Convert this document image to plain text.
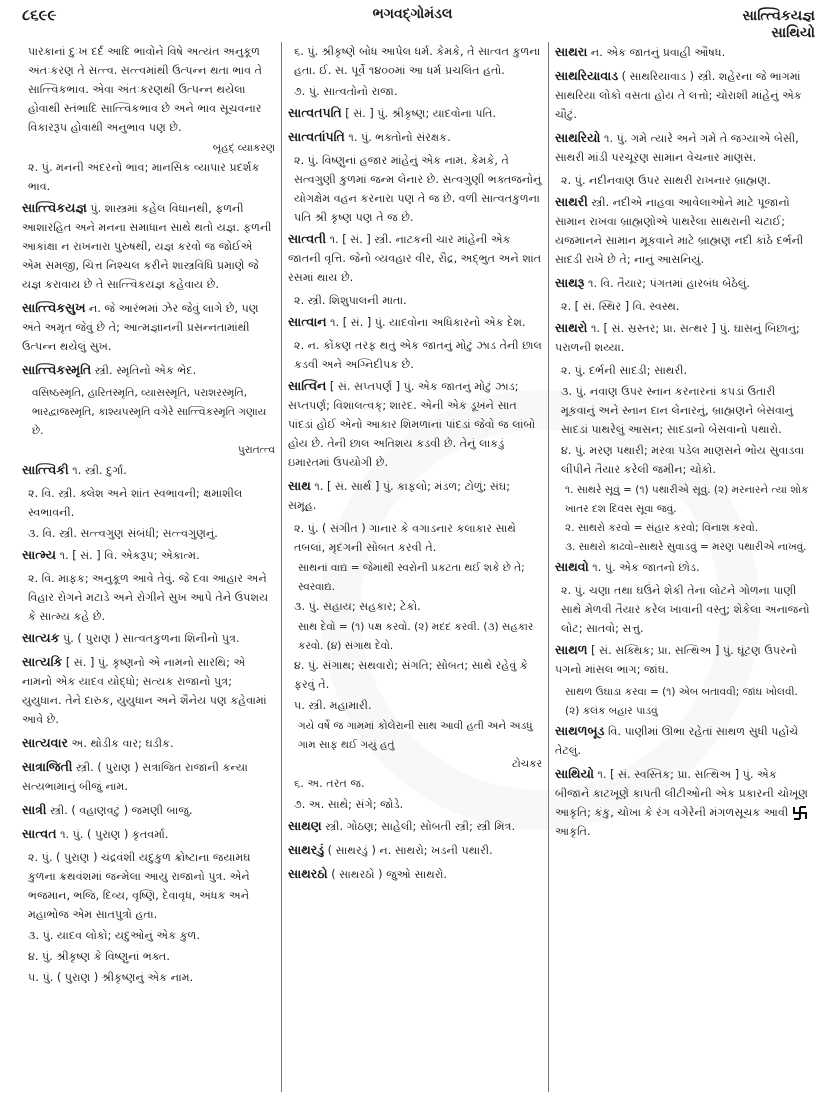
૮૬૯૯	ભગવદ્ગોમંડલ	સાત્ત્વિકયજ્ઞ
સાથિયો
પારકાનાં દુઃખ દર્દ આદિ ભાવોને વિષે અત્યંત અનુકૂળ અંતઃકરણ તે સત્ત્વ. સત્ત્વમાંથી ઉત્પન્ન થતા ભાવ તે સાત્ત્વિકભાવ. એવા અંતઃકરણથી ઉત્પન્ન થયેલા હોવાથી સ્તંભાદિ સાત્ત્વિકભાવ છે અને ભાવ સૂચવનાર વિકારરૂપ હોવાથી અનુભાવ પણ છે.
બૃહદ્ વ્યાકરણ
૨. પું. મનની અંદરનો ભાવ; માનસિક વ્યાપાર પ્રદર્શક ભાવ.
સાત્ત્વિકયજ્ઞ પું. શાસ્ત્રમાં કહેલ વિધાનથી, ફળની આશારહિત અને મનના સમાધાન સાથે થતો યજ્ઞ. ફળની આકાંક્ષા ન રાખનારા પુરુષથી, યજ્ઞ કરવો જ જોઈએ એમ સમજી, ચિત્ત નિશ્ચલ કરીને શાસ્ત્રવિધિ પ્રમાણે જે યજ્ઞ કરાવાય છે તે સાત્ત્વિકયજ્ઞ કહેવાય છે.
સાત્ત્વિકસુખ ન. જે આરંભમાં ઝેર જેવું લાગે છે, પણ અંતે અમૃત જેવું છે તે; આત્મજ્ઞાનની પ્રસન્નતામાંથી ઉત્પન્ન થયેલું સુખ.
સાત્ત્વિકસ્મૃતિ સ્ત્રી. સ્મૃતિનો એક ભેદ.
વસિષ્ઠસ્મૃતિ, હારિતસ્મૃતિ, વ્યાસસ્મૃતિ, પરાશરસ્મૃતિ, ભારદ્વાજસ્મૃતિ, કાશ્યપસ્મૃતિ વગેરે સાત્ત્વિકસ્મૃતિ ગણાય છે.
પુરાતત્ત્વ
સાત્ત્વિકી ૧. સ્ત્રી. દુર્ગા.
૨. વિ. સ્ત્રી. ક્લેશ અને શાંત સ્વભાવની; ક્ષમાશીલ સ્વભાવની.
૩. વિ. સ્ત્રી. સત્ત્વગુણ સંબંધી; સત્ત્વગુણનું.
સાત્મ્ય ૧. [ સં. ] વિ. એકરૂપ; એકાત્મ.
૨. વિ. માફક; અનુકૂળ આવે તેવું. જે દવા આહાર અને વિહાર રોગને મટાડે અને રોગીને સુખ આપે તેને ઉપશય કે સાત્મ્ય કહે છે.
સાત્યક પું. ( પુરાણ ) સાત્વતકુળના શિનીનો પુત્ર.
સાત્યકિ [ સં. ] પું. કૃષ્ણનો એ નામનો સારથિ; એ નામનો એક યાદવ યોદ્ધો; સત્યક રાજાનો પુત્ર; યુયુધાન. તેને દારુક, યુયુધાન અને શૈનેય પણ કહેવામાં આવે છે.
સાત્યવાર અ. થોડીક વાર; ઘડીક.
સાત્રાજિતી સ્ત્રી. ( પુરાણ ) સત્રાજિત રાજાની કન્યા સત્યભામાનું બીજું નામ.
સાત્રી સ્ત્રી. ( વહાણવટું ) જમણી બાજુ.
સાત્વત ૧. પું. ( પુરાણ ) કૃતવર્મા.
૨. પું. ( પુરાણ ) ચંદ્રવંશી યદુકુળ ક્રોષ્ટાના જયામઘ કુળના ક્રથવંશમાં જન્મેલા આયુ રાજાનો પુત્ર. એને ભજમાન, ભજિ, દિવ્ય, વૃષ્ણિ, દેવાવૃધ, અંધક અને મહાભોજ એમ સાતપુત્રો હતા.
૩. પું. યાદવ લોકો; યદુઓનું એક કુળ.
૪. પું. શ્રીકૃષ્ણ કે વિષ્ણુનાં ભક્ત.
૫. પું. ( પુરાણ ) શ્રીકૃષ્ણનું એક નામ.
૬. પું. શ્રીકૃષ્ણે બોધ આપેલ ધર્મ. કેમકે, તે સાત્વત કુળના હતા. ઈ. સ. પૂર્વે ૧૪૦૦માં આ ધર્મ પ્રચલિત હતો.
૭. પું. સાત્વતોનો રાજા.
સાત્વતપતિ [ સં. ] પું. શ્રીકૃષ્ણ; યાદવોના પતિ.
સાત્વતાંપતિ ૧. પું. ભક્તોનો સંરક્ષક.
૨. પું. વિષ્ણુનાં હજાર માંહેનું એક નામ. કેમકે, તે સત્વગુણી કુળમાં જન્મ લેનાર છે. સત્વગુણી ભક્તજનોનું યોગક્ષેમ વહન કરનારા પણ તે જ છે. વળી સાત્વતકુળના પતિ શ્રી કૃષ્ણ પણ તે જ છે.
સાત્વતી ૧. [ સં. ] સ્ત્રી. નાટકની ચાર માંહેની એક જાતની વૃત્તિ. જેનો વ્યવહાર વીર, રૌદ્ર, અદ્ભુત અને શાંત રસમાં થાય છે.
૨. સ્ત્રી. શિશુપાલની માતા.
સાત્વાન ૧. [ સં. ] પું. યાદવોના અધિકારનો એક દેશ.
૨. ન. કોંકણ તરફ થતું એક જાતનું મોટું ઝાડ તેની છાલ કડવી અને અગ્નિદીપક છે.
સાત્વિન [ સં. સપ્તપર્ણ ] પું. એક જાતનું મોટું ઝાડ; સપ્તપર્ણ; વિશાલત્વક્; શારદ. એની એક ડૂખને સાત પાંદડાં હોઈ એનો આકાર શિમળાનાં પાંદડાં જેવો જ લાંબો હોય છે. તેની છાલ અતિશય કડવી છે. તેનું લાકડું ઇમારતમાં ઉપયોગી છે.
સાથ ૧. [ સં. સાર્થ ] પું. કાફલો; મંડળ; ટોળું; સંઘ; સમૂહ.
૨. પું. ( સંગીત ) ગાનાર કે વગાડનાર કલાકાર સાથે તબલાં, મૃદંગની સોબત કરવી તે.
સાથનાં વાદ્ય = જેમાંથી સ્વરોની પ્રકટતા થઈ શકે છે તે; સ્વરવાદ્ય.
૩. પું. સહાય; સહકાર; ટેકો.
સાથ દેવો = (૧) પક્ષ કરવો. (૨) મદદ કરવી. (૩) સહકાર કરવો. (૪) સંગાથ દેવો.
૪. પું. સંગાથ; સથવારો; સંગતિ; સોબત; સાથે રહેવું કે ફરવું તે.
૫. સ્ત્રી. મહામારી.
ગયે વર્ષે જ ગામમાં કોલેરાની સાથ આવી હતી અને અડધું ગામ સાફ થઈ ગયું હતું
ટોચકર
૬. અ. તરત જ.
૭. અ. સાથે; સંગે; જોડે.
સાથણ સ્ત્રી. ગોઠણ; સાહેલી; સોબતી સ્ત્રી; સ્ત્રી મિત્ર.
સાથરડું ( સાથરડું ) ન. સાથરો; ખડની પથારી.
સાથરઠો ( સાથરઠો ) જુઓ સાથરો.
સાથરા ન. એક જાતનું પ્રવાહી ઔષધ.
સાથરિયાવાડ ( સાથરિયાવાડ ) સ્ત્રી. શહેરના જે ભાગમાં સાથરિયા લોકો વસતા હોય તે લત્તો; ચોરાશી માંહેનું એક ચૌટું.
સાથરિયો ૧. પું. ગમે ત્યારે અને ગમે તે જગ્યાએ બેસી, સાથરી માંડી પરચૂરણ સામાન વેચનાર માણસ.
૨. પું. નદીનવાણ ઉપર સાથરી રાખનાર બ્રાહ્મણ.
સાથરી સ્ત્રી. નદીએ નાહવા આવેલાઓને માટે પૂજાનો સામાન રાખવા બ્રાહ્મણોએ પાથરેલા સાથરાની ચટાઈ; યજમાનને સામાન મૂકવાને માટે બ્રાહ્મણ નદી કાંઠે દર્ભની સાદડી રાખે છે તે; નાનું આસનિયું.
સાથરૂ ૧. વિ. તૈયાર; પંગતમાં હારબંધ બેઠેલું.
૨. [ સં. સ્થિર ] વિ. સ્વસ્થ.
સાથરો ૧. [ સં. સ્રસ્તર; પ્રા. સત્થર ] પું. ઘાસનું બિછાનું; પરાળની શય્યા.
૨. પું. દર્ભની સાદડી; સાથરી.
૩. પું. નવાણ ઉપર સ્નાન કરનારનાં કપડાં ઉતારી મૂકવાનું અને સ્નાન દાન લેનારનું, બ્રાહ્મણને બેસવાનું સાદડાં પાથરેલું આસન; સાદડાનો બેસવાનો પથારો.
૪. પું. મરણ પથારી; મરવા પડેલ માણસને ભોંય સુવાડવા લીંપીને તૈયાર કરેલી જમીન; ચોકો.
૧. સાથરે સૂવું = (૧) પથારીએ સૂવું. (૨) મરનારને ત્યાં શોક ખાતર દશ દિવસ સૂવા જવું.
૨. સાથરો કરવો = સંહાર કરવો; વિનાશ કરવો.
૩. સાથરો કાઢવો–સાથરે સુવાડવું = મરણ પથારીએ નાખવું.
સાથવો ૧. પું. એક જાતનો છોડ.
૨. પું. ચણા તથા ઘઉંને શેકી તેના લોટને ગોળના પાણી સાથે મેળવી તૈયાર કરેલ ખાવાની વસ્તુ; શેકેલા અનાજનો લોટ; સાતવો; સત્તુ.
સાથળ [ સં. સક્થિક; પ્રા. સત્થિઅ ] પું. ઘૂંટણ ઉપરનો પગનો માંસલ ભાગ; જાંઘ.
સાથળ ઉઘાડા કરવા = (૧) એબ બતાવવી; જાંઘ ખોલવી. (૨) કલંક બહાર પાડવું
સાથળબૂડ વિ. પાણીમાં ઊભા રહેતાં સાથળ સુધી પહોંચે તેટલું.
સાથિયો ૧. [ સં. સ્વસ્તિક; પ્રા. સત્થિઅ ] પું. એક બીજાને કાટખૂણે કાપતી લીટીઓની એક પ્રકારની ચોખૂણ આકૃતિ; કંકુ, ચોખા કે રંગ વગેરેની મંગળસૂચક આવી  આકૃતિ.
